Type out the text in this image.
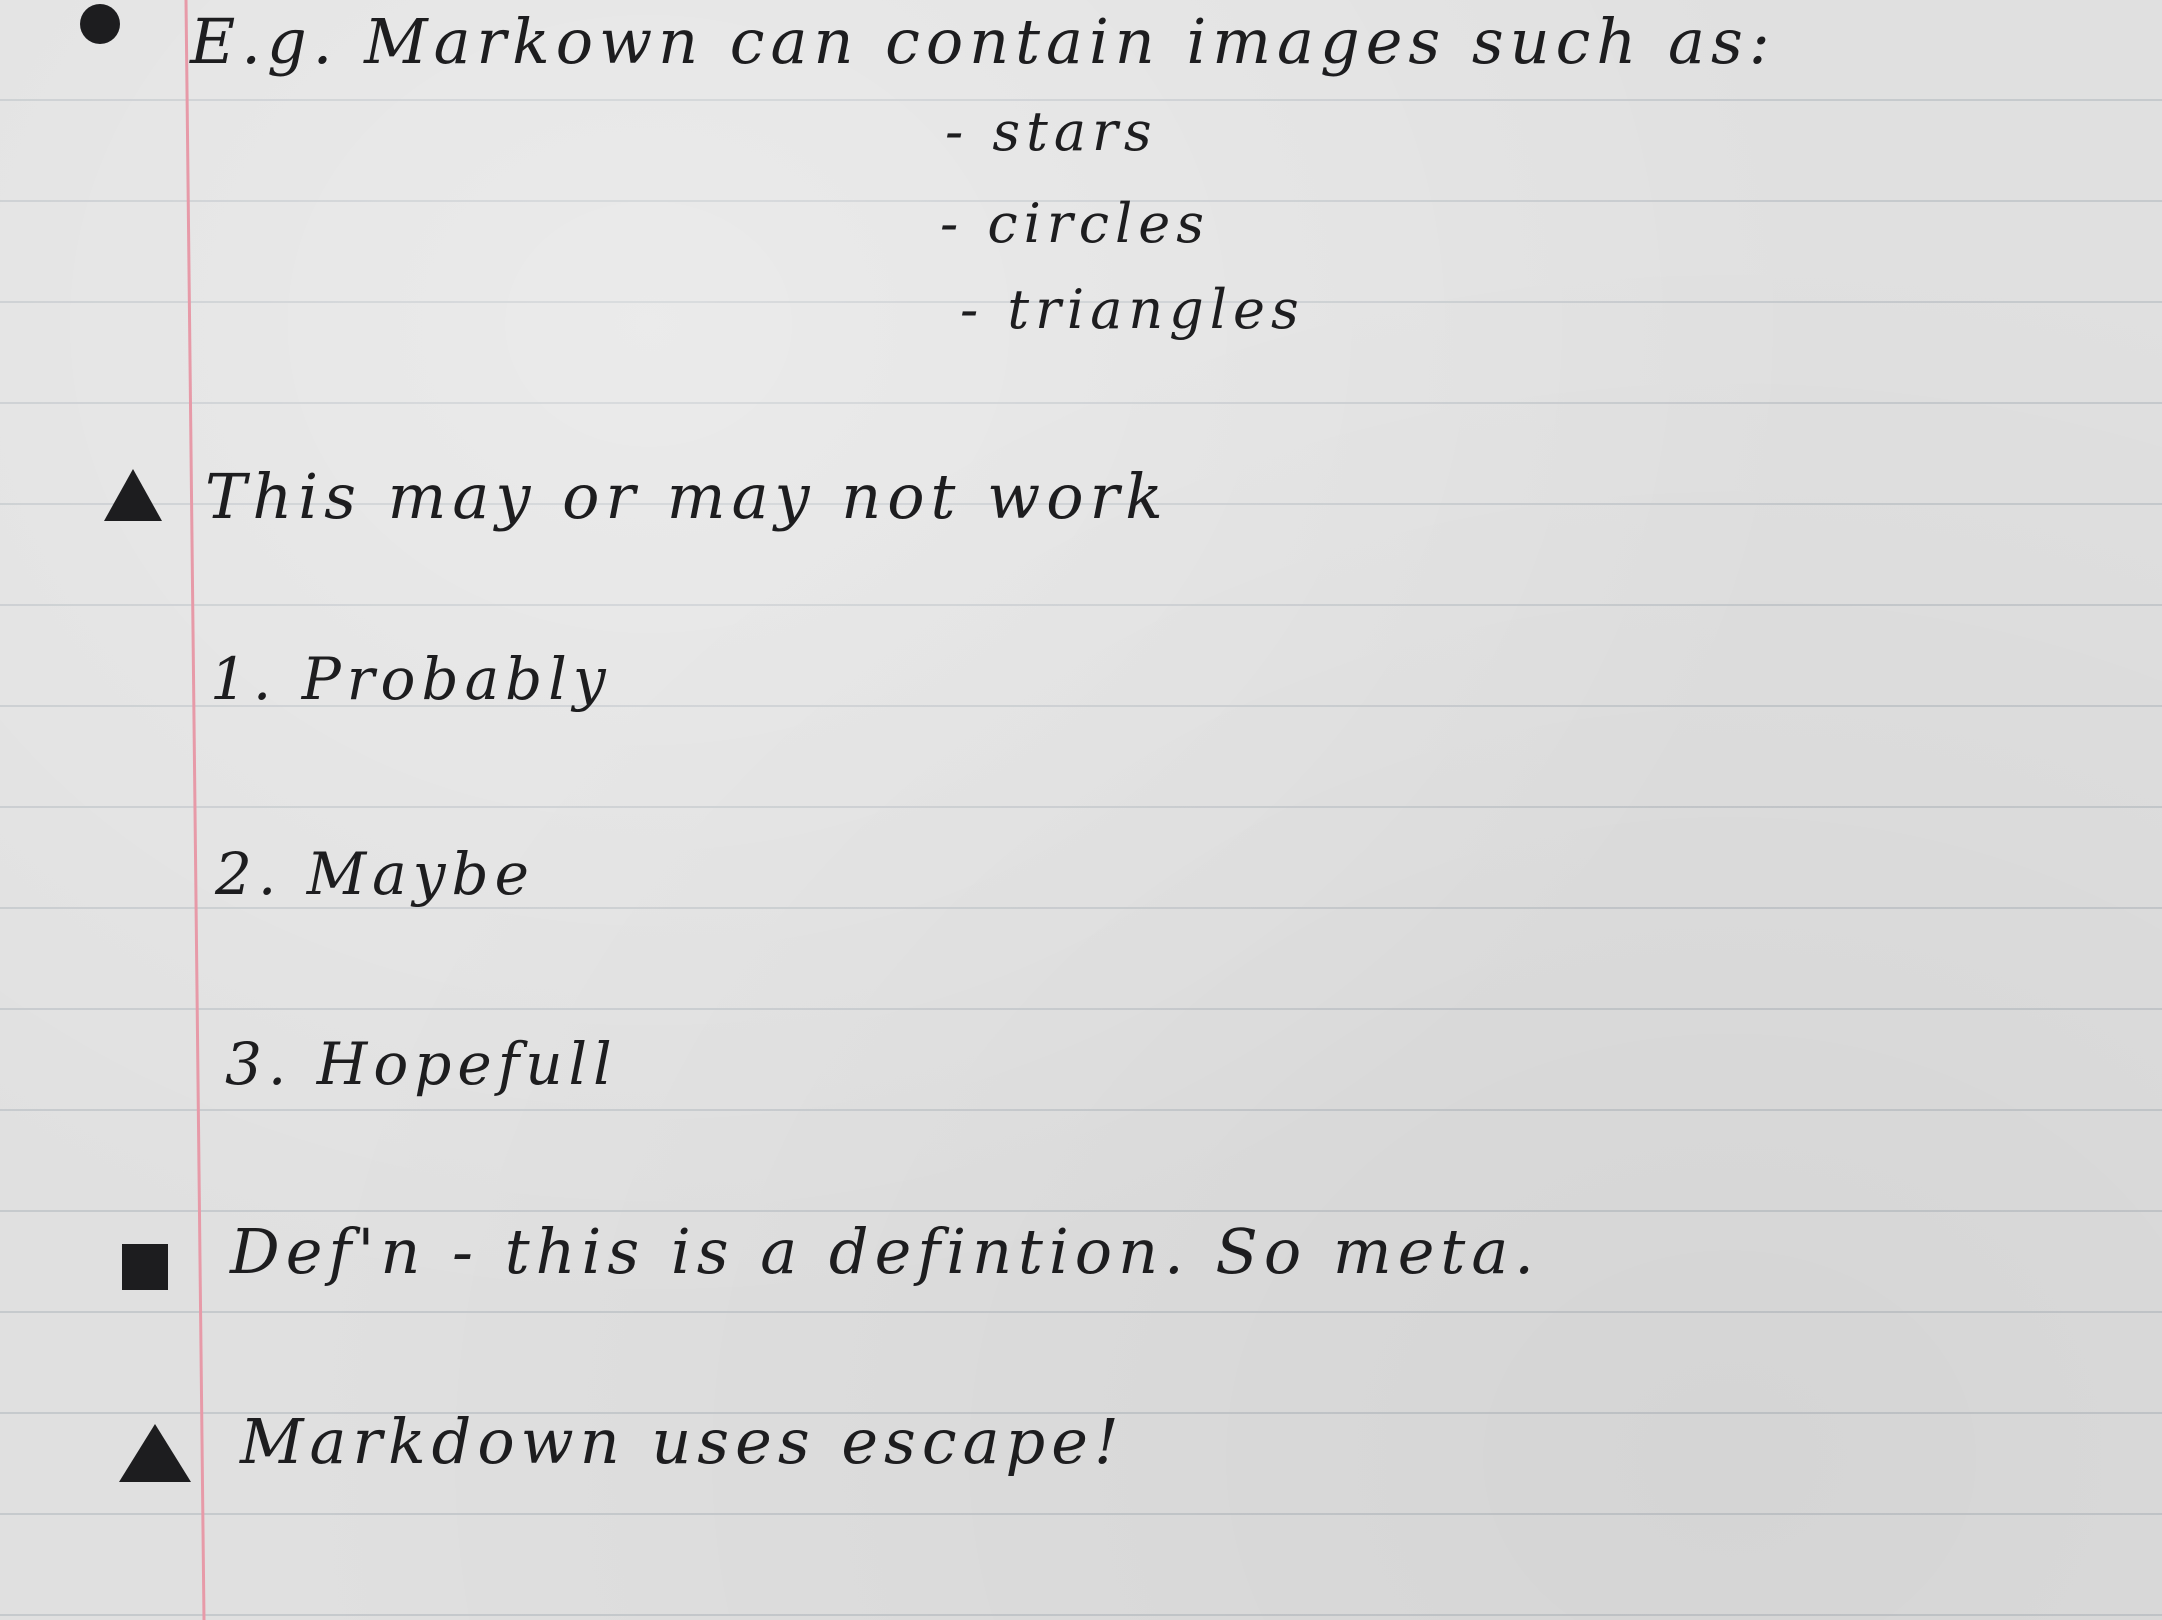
E.g. Markown can contain images such as:
- stars
- circles
- triangles
This may or may not work
1. Probably
2. Maybe
3. Hopefull
Def'n - this is a defintion. So meta.
Markdown uses escape!
